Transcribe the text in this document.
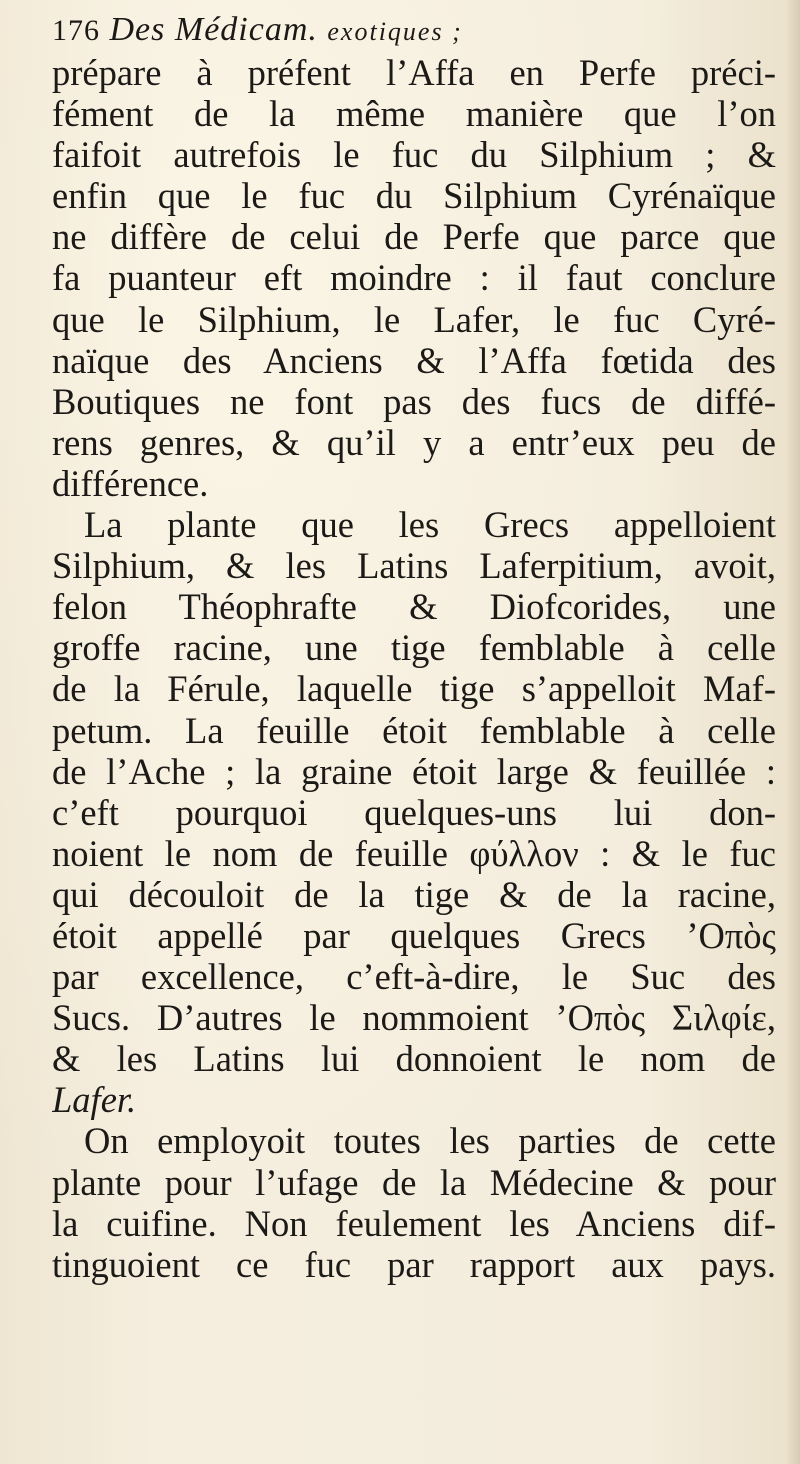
176 Des Médicam. exotiques ;
prépare à préfent l’Affa en Perfe préci-
fément de la même manière que l’on
faifoit autrefois le fuc du Silphium ; &
enfin que le fuc du Silphium Cyrénaïque
ne diffère de celui de Perfe que parce que
fa puanteur eft moindre : il faut conclure
que le Silphium, le Lafer, le fuc Cyré-
naïque des Anciens & l’Affa fœtida des
Boutiques ne font pas des fucs de diffé-
rens genres, & qu’il y a entr’eux peu de
différence.
La plante que les Grecs appelloient
Silphium, & les Latins Laferpitium, avoit,
felon Théophrafte & Diofcorides, une
groffe racine, une tige femblable à celle
de la Férule, laquelle tige s’appelloit Maf-
petum. La feuille étoit femblable à celle
de l’Ache ; la graine étoit large & feuillée :
c’eft pourquoi quelques-uns lui don-
noient le nom de feuille φύλλον : & le fuc
qui découloit de la tige & de la racine,
étoit appellé par quelques Grecs ’Οπὸς
par excellence, c’eft-à-dire, le Suc des
Sucs. D’autres le nommoient ’Οπὸς Σιλφίε,
& les Latins lui donnoient le nom de
Lafer.
On employoit toutes les parties de cette
plante pour l’ufage de la Médecine & pour
la cuifine. Non feulement les Anciens dif-
tinguoient ce fuc par rapport aux pays.
